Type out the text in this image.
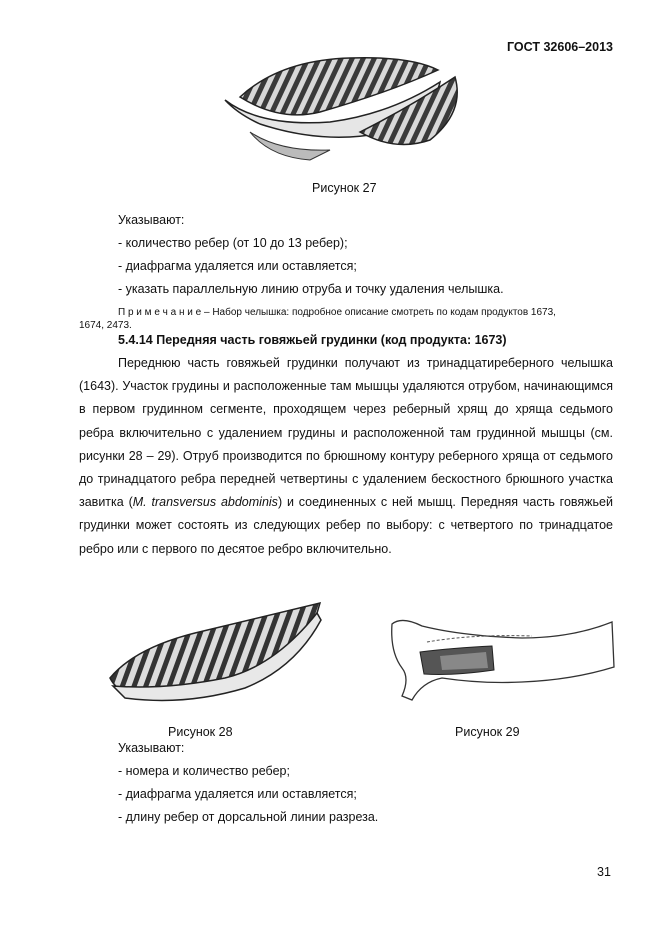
ГОСТ 32606–2013
Рисунок 27
Указывают:
- количество ребер (от 10 до 13 ребер);
- диафрагма удаляется или оставляется;
- указать параллельную линию отруба и точку удаления челышка.
П р и м е ч а н и е – Набор челышка: подробное описание смотреть по кодам продуктов 1673,
1674, 2473.
5.4.14 Передняя часть говяжьей грудинки (код продукта: 1673)
Переднюю часть говяжьей грудинки получают из тринадцатиреберного челышка (1643). Участок грудины и расположенные там мышцы удаляются отрубом, начинающимся в первом грудинном сегменте, проходящем через реберный хрящ до хряща седьмого ребра включительно с удалением грудины и расположенной там грудинной мышцы (см. рисунки 28 – 29). Отруб производится по брюшному контуру реберного хряща от седьмого до тринадцатого ребра передней четвертины с удалением бескостного брюшного участка завитка (M. transversus abdominis) и соединенных с ней мышц. Передняя часть говяжьей грудинки может состоять из следующих ребер по выбору: с четвертого по тринадцатое ребро или с первого по десятое ребро включительно.
Рисунок 28	Рисунок 29
Указывают:
- номера и количество ребер;
- диафрагма удаляется или оставляется;
- длину ребер от дорсальной линии разреза.
31
